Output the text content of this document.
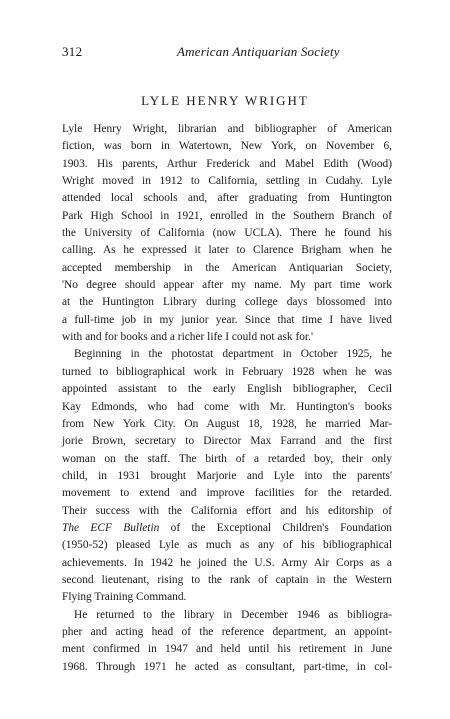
312	American Antiquarian Society
LYLE HENRY WRIGHT
Lyle Henry Wright, librarian and bibliographer of American
fiction, was born in Watertown, New York, on November 6,
1903. His parents, Arthur Frederick and Mabel Edith (Wood)
Wright moved in 1912 to California, settling in Cudahy. Lyle
attended local schools and, after graduating from Huntington
Park High School in 1921, enrolled in the Southern Branch of
the University of California (now UCLA). There he found his
calling. As he expressed it later to Clarence Brigham when he
accepted membership in the American Antiquarian Society,
'No degree should appear after my name. My part time work
at the Huntington Library during college days blossomed into
a full-time job in my junior year. Since that time I have lived
with and for books and a richer life I could not ask for.'
Beginning in the photostat department in October 1925, he
turned to bibliographical work in February 1928 when he was
appointed assistant to the early English bibliographer, Cecil
Kay Edmonds, who had come with Mr. Huntington's books
from New York City. On August 18, 1928, he married Mar-
jorie Brown, secretary to Director Max Farrand and the first
woman on the staff. The birth of a retarded boy, their only
child, in 1931 brought Marjorie and Lyle into the parents'
movement to extend and improve facilities for the retarded.
Their success with the California effort and his editorship of
The ECF Bulletin of the Exceptional Children's Foundation
(1950-52) pleased Lyle as much as any of his bibliographical
achievements. In 1942 he joined the U.S. Army Air Corps as a
second lieutenant, rising to the rank of captain in the Western
Flying Training Command.
He returned to the library in December 1946 as bibliogra-
pher and acting head of the reference department, an appoint-
ment confirmed in 1947 and held until his retirement in June
1968. Through 1971 he acted as consultant, part-time, in col-
